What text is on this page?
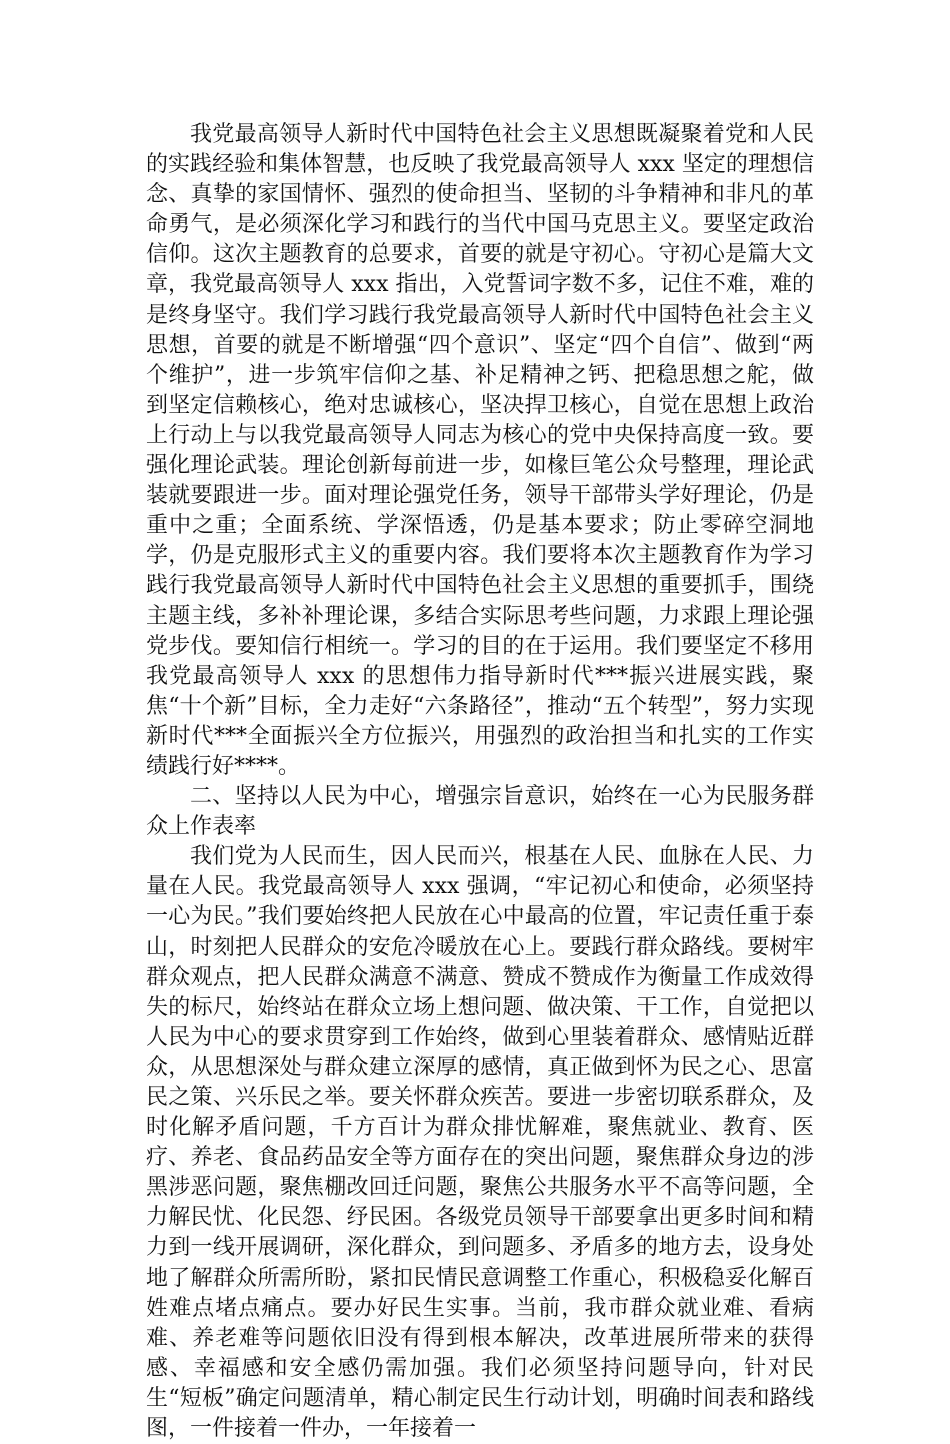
我党最高领导人新时代中国特色社会主义思想既凝聚着党和人民的实践经验和集体智慧，也反映了我党最高领导人 xxx 坚定的理想信念、真挚的家国情怀、强烈的使命担当、坚韧的斗争精神和非凡的革命勇气，是必须深化学习和践行的当代中国马克思主义。要坚定政治信仰。这次主题教育的总要求，首要的就是守初心。守初心是篇大文章，我党最高领导人 xxx 指出，入党誓词字数不多，记住不难，难的是终身坚守。我们学习践行我党最高领导人新时代中国特色社会主义思想，首要的就是不断增强“四个意识”、坚定“四个自信”、做到“两个维护”，进一步筑牢信仰之基、补足精神之钙、把稳思想之舵，做到坚定信赖核心，绝对忠诚核心，坚决捍卫核心，自觉在思想上政治上行动上与以我党最高领导人同志为核心的党中央保持高度一致。要强化理论武装。理论创新每前进一步，如椽巨笔公众号整理，理论武装就要跟进一步。面对理论强党任务，领导干部带头学好理论，仍是重中之重；全面系统、学深悟透，仍是基本要求；防止零碎空洞地学，仍是克服形式主义的重要内容。我们要将本次主题教育作为学习践行我党最高领导人新时代中国特色社会主义思想的重要抓手，围绕主题主线，多补补理论课，多结合实际思考些问题，力求跟上理论强党步伐。要知信行相统一。学习的目的在于运用。我们要坚定不移用我党最高领导人 xxx 的思想伟力指导新时代***振兴进展实践，聚焦“十个新”目标，全力走好“六条路径”，推动“五个转型”，努力实现新时代***全面振兴全方位振兴，用强烈的政治担当和扎实的工作实绩践行好****。

二、坚持以人民为中心，增强宗旨意识，始终在一心为民服务群众上作表率

我们党为人民而生，因人民而兴，根基在人民、血脉在人民、力量在人民。我党最高领导人 xxx 强调，“牢记初心和使命，必须坚持一心为民。”我们要始终把人民放在心中最高的位置，牢记责任重于泰山，时刻把人民群众的安危冷暖放在心上。要践行群众路线。要树牢群众观点，把人民群众满意不满意、赞成不赞成作为衡量工作成效得失的标尺，始终站在群众立场上想问题、做决策、干工作，自觉把以人民为中心的要求贯穿到工作始终，做到心里装着群众、感情贴近群众，从思想深处与群众建立深厚的感情，真正做到怀为民之心、思富民之策、兴乐民之举。要关怀群众疾苦。要进一步密切联系群众，及时化解矛盾问题，千方百计为群众排忧解难，聚焦就业、教育、医疗、养老、食品药品安全等方面存在的突出问题，聚焦群众身边的涉黑涉恶问题，聚焦棚改回迁问题，聚焦公共服务水平不高等问题，全力解民忧、化民怨、纾民困。各级党员领导干部要拿出更多时间和精力到一线开展调研，深化群众，到问题多、矛盾多的地方去，设身处地了解群众所需所盼，紧扣民情民意调整工作重心，积极稳妥化解百姓难点堵点痛点。要办好民生实事。当前，我市群众就业难、看病难、养老难等问题依旧没有得到根本解决，改革进展所带来的获得感、幸福感和安全感仍需加强。我们必须坚持问题导向，针对民生“短板”确定问题清单，精心制定民生行动计划，明确时间表和路线图，一件接着一件办，一年接着一
